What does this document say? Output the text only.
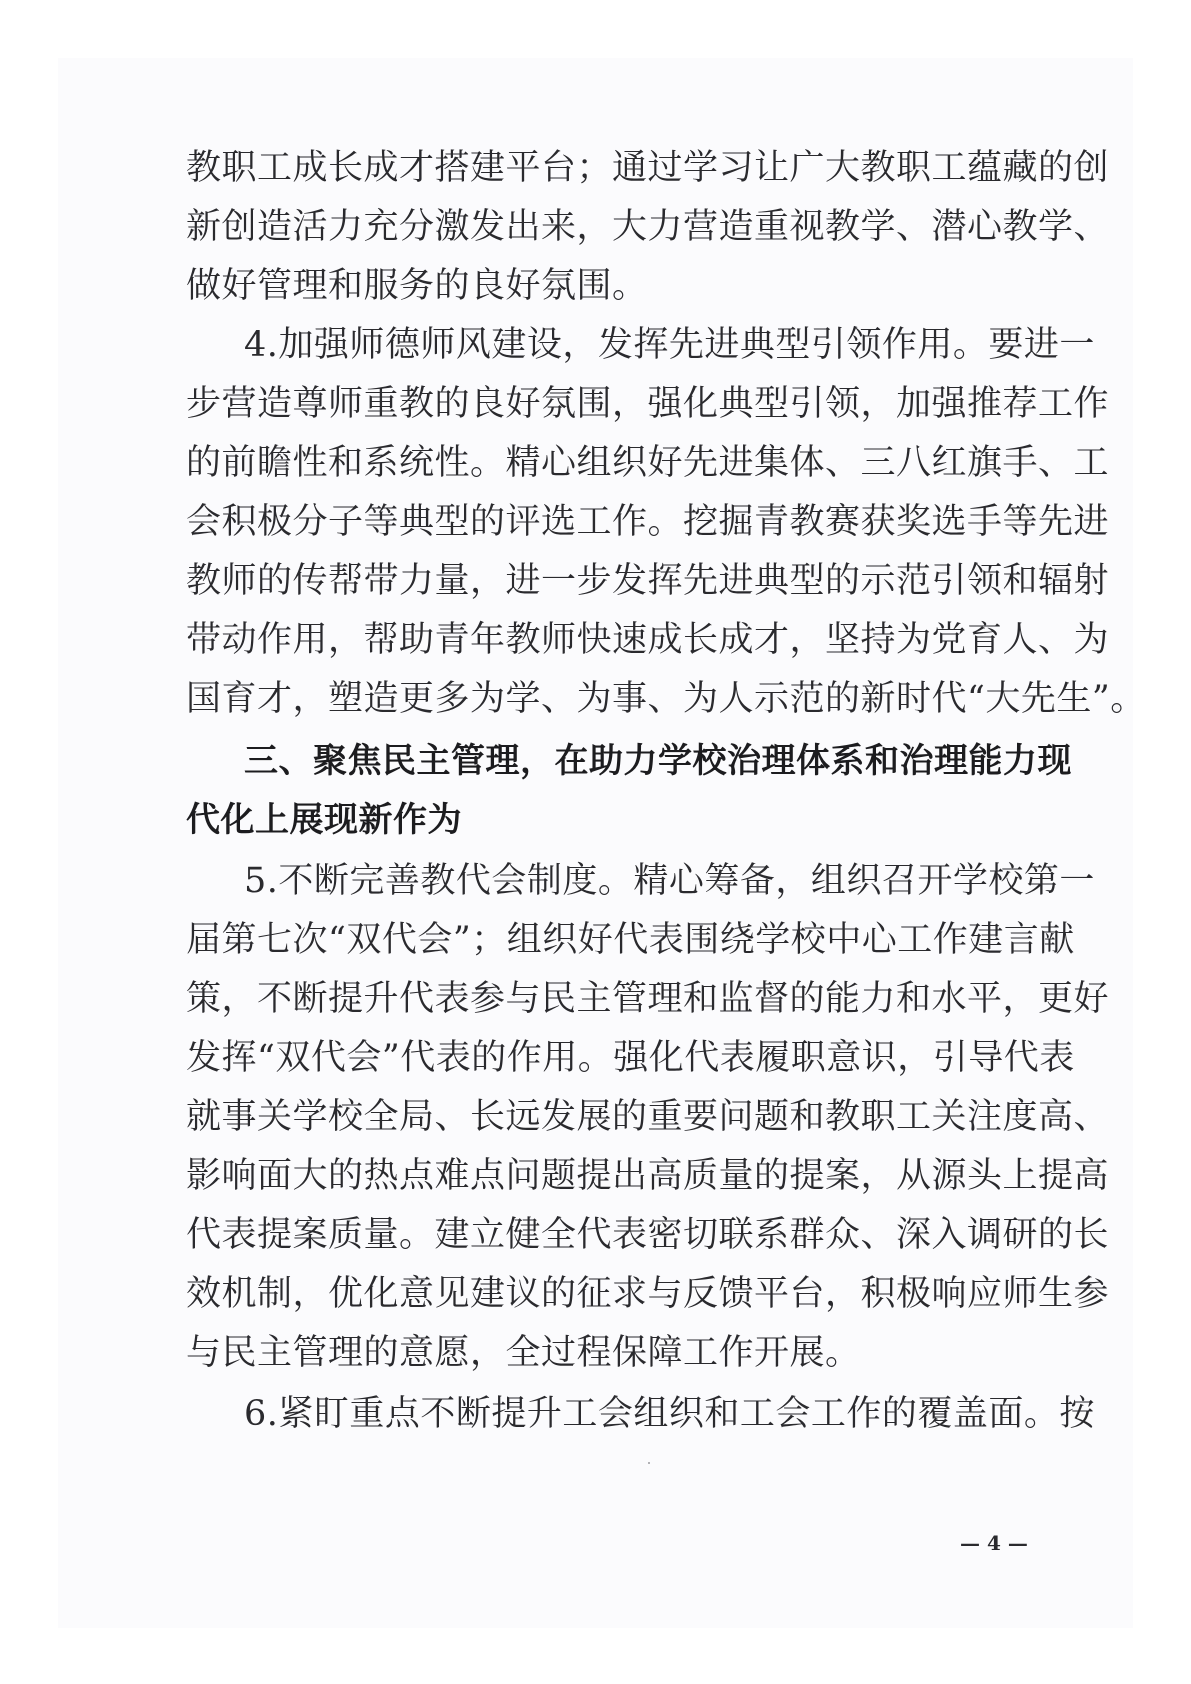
教职工成长成才搭建平台；通过学习让广大教职工蕴藏的创

新创造活力充分激发出来，大力营造重视教学、潜心教学、

做好管理和服务的良好氛围。

4.加强师德师风建设，发挥先进典型引领作用。要进一

步营造尊师重教的良好氛围，强化典型引领，加强推荐工作

的前瞻性和系统性。精心组织好先进集体、三八红旗手、工

会积极分子等典型的评选工作。挖掘青教赛获奖选手等先进

教师的传帮带力量，进一步发挥先进典型的示范引领和辐射

带动作用，帮助青年教师快速成长成才，坚持为党育人、为

国育才，塑造更多为学、为事、为人示范的新时代“大先生”。

三、聚焦民主管理，在助力学校治理体系和治理能力现

代化上展现新作为

5.不断完善教代会制度。精心筹备，组织召开学校第一

届第七次“双代会”；组织好代表围绕学校中心工作建言献

策，不断提升代表参与民主管理和监督的能力和水平，更好

发挥“双代会”代表的作用。强化代表履职意识，引导代表

就事关学校全局、长远发展的重要问题和教职工关注度高、

影响面大的热点难点问题提出高质量的提案，从源头上提高

代表提案质量。建立健全代表密切联系群众、深入调研的长

效机制，优化意见建议的征求与反馈平台，积极响应师生参

与民主管理的意愿，全过程保障工作开展。

6.紧盯重点不断提升工会组织和工会工作的覆盖面。按

— 4 —
